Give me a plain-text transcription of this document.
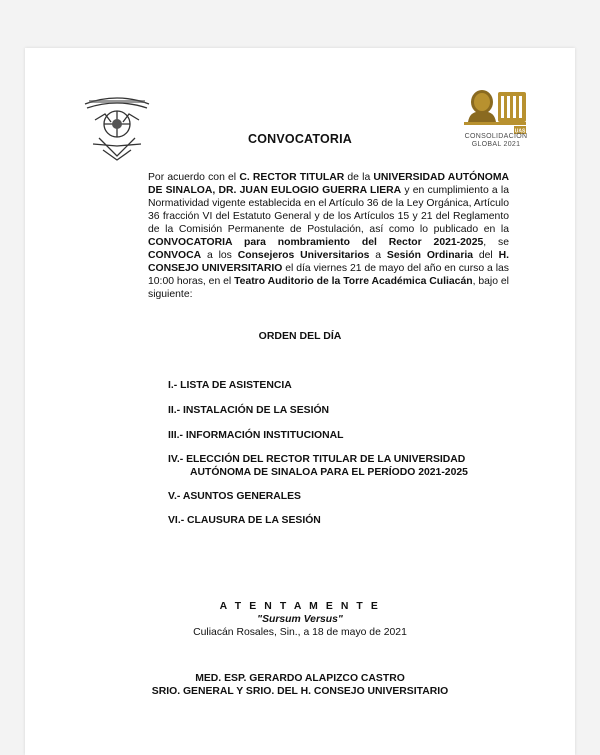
UAS
CONSOLIDACIÓN
GLOBAL 2021
CONVOCATORIA
Por acuerdo con el C. RECTOR TITULAR de la UNIVERSIDAD AUTÓNOMA DE SINALOA, DR. JUAN EULOGIO GUERRA LIERA y en cumplimiento a la Normatividad vigente establecida en el Artículo 36 de la Ley Orgánica, Artículo 36 fracción VI del Estatuto General y de los Artículos 15 y 21 del Reglamento de la Comisión Permanente de Postulación, así como lo publicado en la CONVOCATORIA para nombramiento del Rector 2021-2025, se CONVOCA a los Consejeros Universitarios a Sesión Ordinaria del H. CONSEJO UNIVERSITARIO el día viernes 21 de mayo del año en curso a las 10:00 horas, en el Teatro Auditorio de la Torre Académica Culiacán, bajo el siguiente:
ORDEN DEL DÍA
I.- LISTA DE ASISTENCIA
II.- INSTALACIÓN DE LA SESIÓN
III.- INFORMACIÓN INSTITUCIONAL
IV.- ELECCIÓN DEL RECTOR TITULAR DE LA UNIVERSIDAD
AUTÓNOMA DE SINALOA PARA EL PERÍODO 2021-2025
V.- ASUNTOS GENERALES
VI.- CLAUSURA DE LA SESIÓN
A T E N T A M E N T E
"Sursum Versus"
Culiacán Rosales, Sin., a 18 de mayo de 2021
MED. ESP. GERARDO ALAPIZCO CASTRO
SRIO. GENERAL Y SRIO. DEL H. CONSEJO UNIVERSITARIO
